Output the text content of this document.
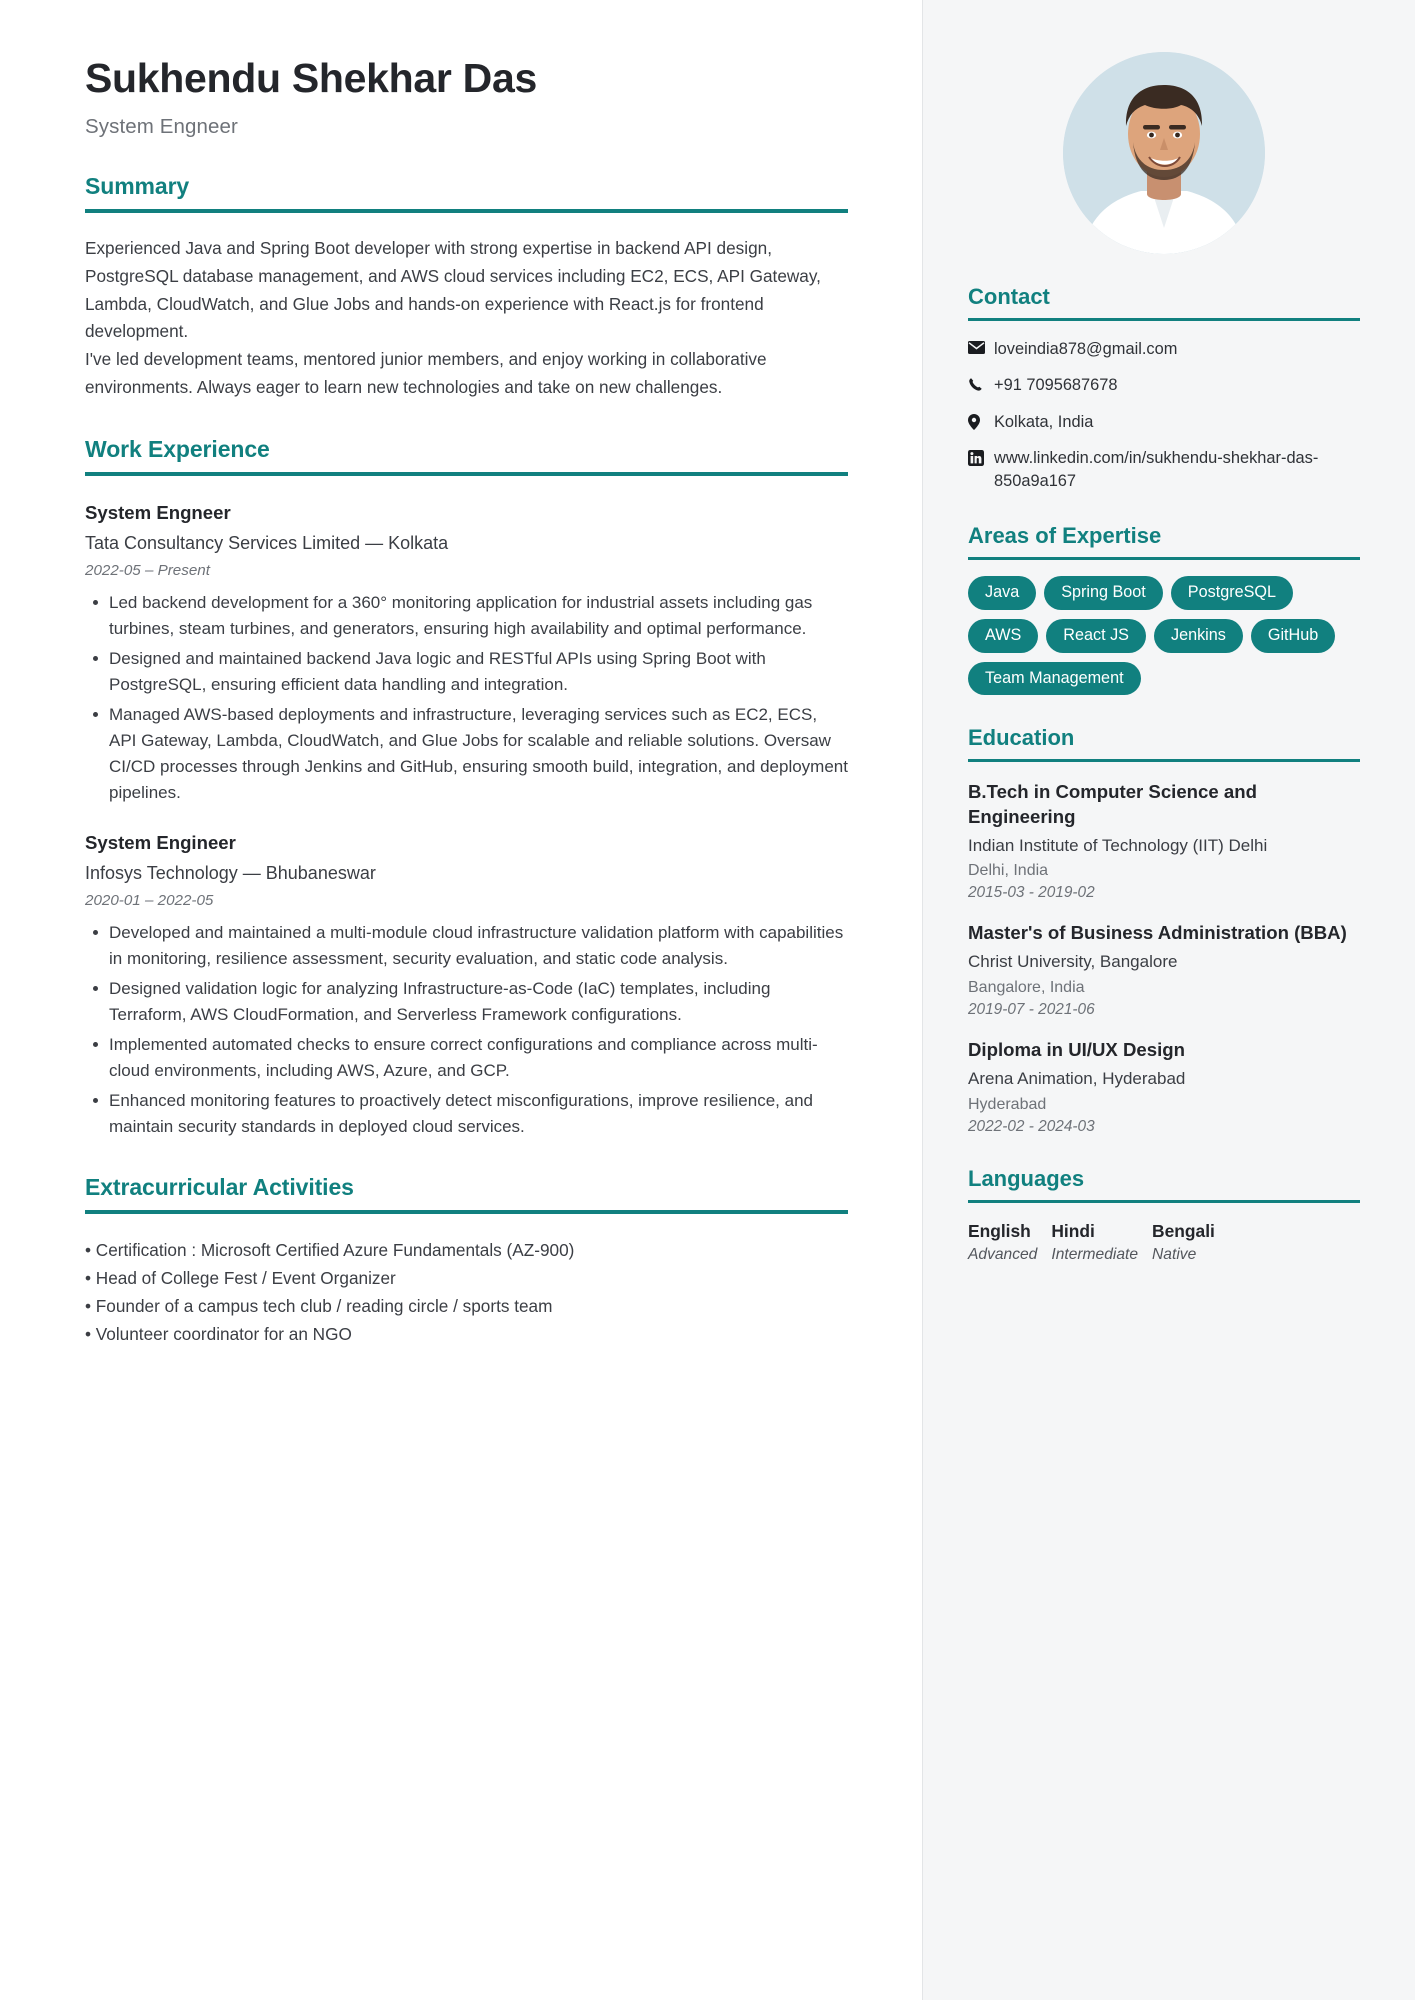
Sukhendu Shekhar Das
System Engneer
Summary

Experienced Java and Spring Boot developer with strong expertise in backend API design, PostgreSQL database management, and AWS cloud services including EC2, ECS, API Gateway, Lambda, CloudWatch, and Glue Jobs and hands-on experience with React.js for frontend development.

I've led development teams, mentored junior members, and enjoy working in collaborative environments. Always eager to learn new technologies and take on new challenges.

Work Experience
System Engneer
Tata Consultancy Services Limited — Kolkata
2022-05 – Present
Led backend development for a 360° monitoring application for industrial assets including gas turbines, steam turbines, and generators, ensuring high availability and optimal performance.
Designed and maintained backend Java logic and RESTful APIs using Spring Boot with PostgreSQL, ensuring efficient data handling and integration.
Managed AWS-based deployments and infrastructure, leveraging services such as EC2, ECS, API Gateway, Lambda, CloudWatch, and Glue Jobs for scalable and reliable solutions. Oversaw CI/CD processes through Jenkins and GitHub, ensuring smooth build, integration, and deployment pipelines.
System Engineer
Infosys Technology — Bhubaneswar
2020-01 – 2022-05
Developed and maintained a multi-module cloud infrastructure validation platform with capabilities in monitoring, resilience assessment, security evaluation, and static code analysis.
Designed validation logic for analyzing Infrastructure-as-Code (IaC) templates, including Terraform, AWS CloudFormation, and Serverless Framework configurations.
Implemented automated checks to ensure correct configurations and compliance across multi-cloud environments, including AWS, Azure, and GCP.
Enhanced monitoring features to proactively detect misconfigurations, improve resilience, and maintain security standards in deployed cloud services.
Extracurricular Activities
• Certification : Microsoft Certified Azure Fundamentals (AZ-900)
• Head of College Fest / Event Organizer
• Founder of a campus tech club / reading circle / sports team
• Volunteer coordinator for an NGO
Contact
loveindia878@gmail.com
+91 7095687678
Kolkata, India
www.linkedin.com/in/sukhendu-shekhar-das-850a9a167
Areas of Expertise
Java	Spring Boot	PostgreSQL
AWS	React JS	Jenkins	GitHub
Team Management
Education
B.Tech in Computer Science and Engineering
Indian Institute of Technology (IIT) Delhi
Delhi, India
2015-03 - 2019-02
Master's of Business Administration (BBA)
Christ University, Bangalore
Bangalore, India
2019-07 - 2021-06
Diploma in UI/UX Design
Arena Animation, Hyderabad
Hyderabad
2022-02 - 2024-03
Languages
English
Advanced
Hindi
Intermediate
Bengali
Native
